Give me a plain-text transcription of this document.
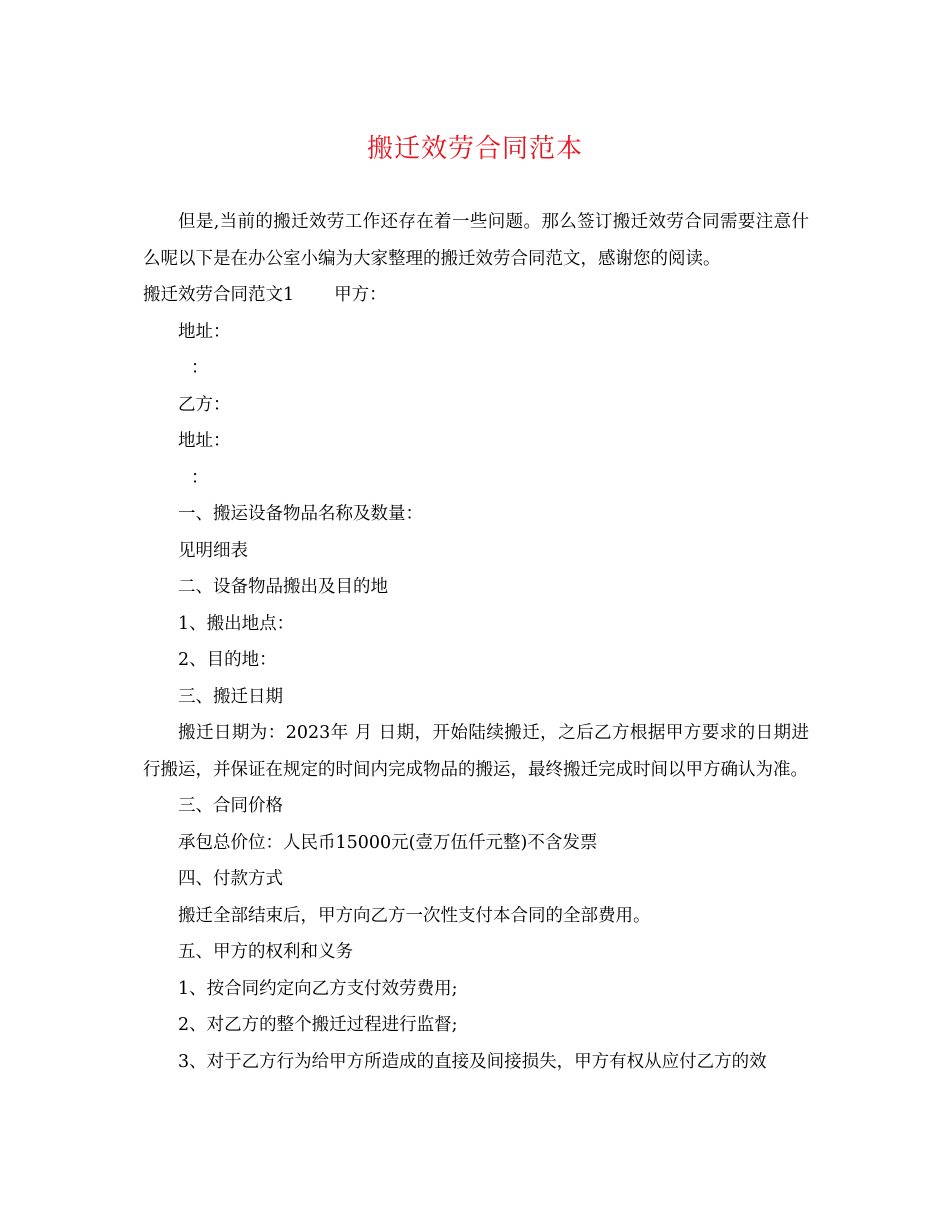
搬迁效劳合同范本

但是,当前的搬迁效劳工作还存在着一些问题。那么签订搬迁效劳合同需要注意什么呢以下是在办公室小编为大家整理的搬迁效劳合同范文，感谢您的阅读。

搬迁效劳合同范文1 甲方：

地址：

：

乙方：

地址：

：

一、搬运设备物品名称及数量：

见明细表

二、设备物品搬出及目的地

1、搬出地点：

2、目的地：

三、搬迁日期

搬迁日期为：2023年 月 日期，开始陆续搬迁，之后乙方根据甲方要求的日期进行搬运，并保证在规定的时间内完成物品的搬运，最终搬迁完成时间以甲方确认为准。

三、合同价格

承包总价位：人民币15000元(壹万伍仟元整)不含发票

四、付款方式

搬迁全部结束后，甲方向乙方一次性支付本合同的全部费用。

五、甲方的权利和义务

1、按合同约定向乙方支付效劳费用;

2、对乙方的整个搬迁过程进行监督;

3、对于乙方行为给甲方所造成的直接及间接损失，甲方有权从应付乙方的效
